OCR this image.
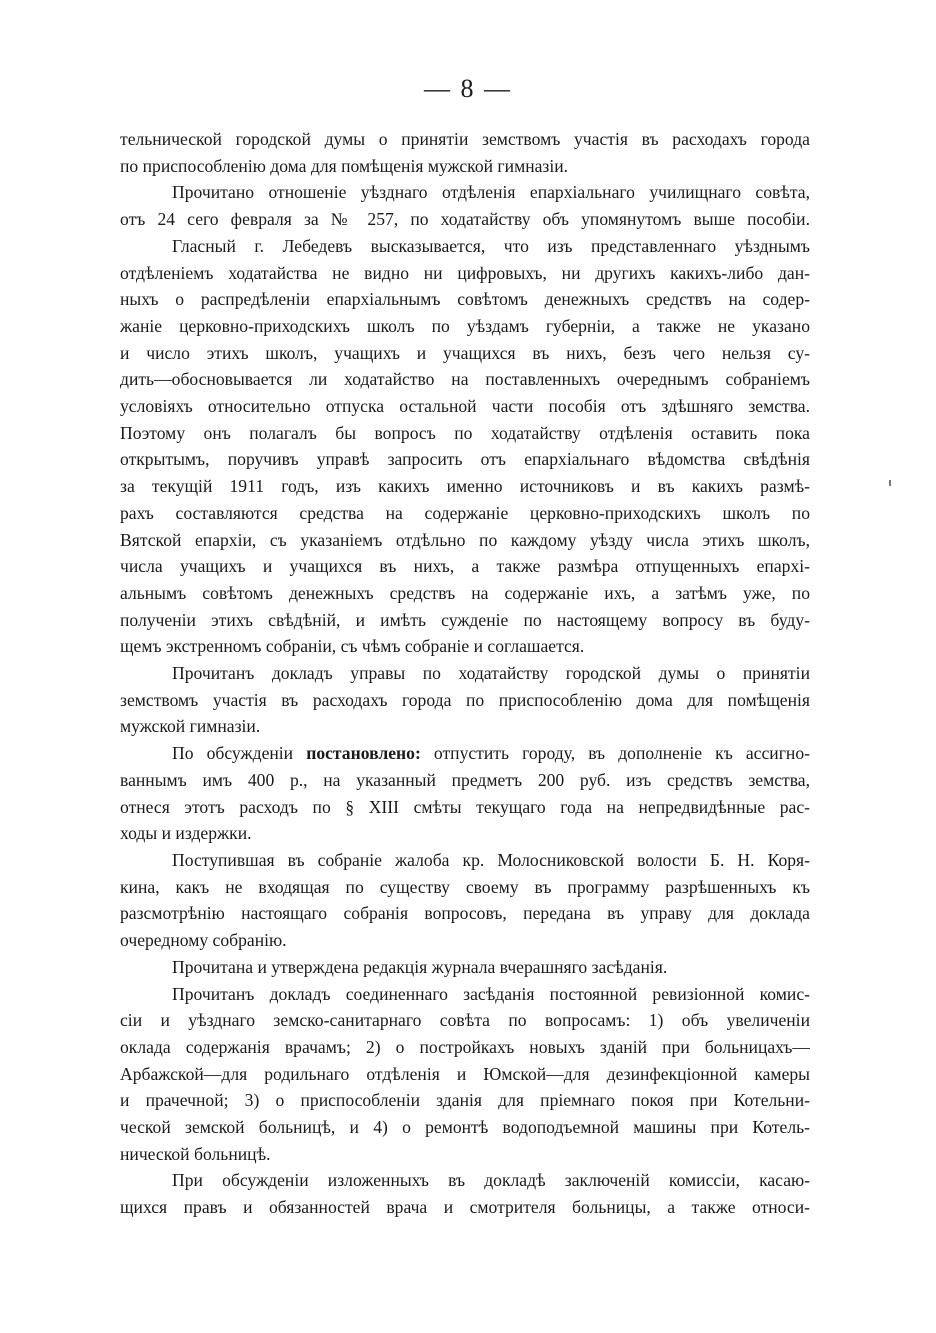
— 8 —
тельнической городской думы о принятіи земствомъ участія въ расходахъ города
по приспособленію дома для помѣщенія мужской гимназіи.
Прочитано отношеніе уѣзднаго отдѣленія епархіальнаго училищнаго совѣта,
отъ 24 сего февраля за № 257, по ходатайству объ упомянутомъ выше пособіи.
Гласный г. Лебедевъ высказывается, что изъ представленнаго уѣзднымъ
отдѣленіемъ ходатайства не видно ни цифровыхъ, ни другихъ какихъ-либо дан-
ныхъ о распредѣленіи епархіальнымъ совѣтомъ денежныхъ средствъ на содер-
жаніе церковно-приходскихъ школъ по уѣздамъ губерніи, а также не указано
и число этихъ школъ, учащихъ и учащихся въ нихъ, безъ чего нельзя су-
дить—обосновывается ли ходатайство на поставленныхъ очереднымъ собраніемъ
условіяхъ относительно отпуска остальной части пособія отъ здѣшняго земства.
Поэтому онъ полагалъ бы вопросъ по ходатайству отдѣленія оставить пока
открытымъ, поручивъ управѣ запросить отъ епархіальнаго вѣдомства свѣдѣнія
за текущій 1911 годъ, изъ какихъ именно источниковъ и въ какихъ размѣ-
рахъ составляются средства на содержаніе церковно-приходскихъ школъ по
Вятской епархіи, съ указаніемъ отдѣльно по каждому уѣзду числа этихъ школъ,
числа учащихъ и учащихся въ нихъ, а также размѣра отпущенныхъ епархі-
альнымъ совѣтомъ денежныхъ средствъ на содержаніе ихъ, а затѣмъ уже, по
полученіи этихъ свѣдѣній, и имѣть сужденіе по настоящему вопросу въ буду-
щемъ экстренномъ собраніи, съ чѣмъ собраніе и соглашается.
Прочитанъ докладъ управы по ходатайству городской думы о принятіи
земствомъ участія въ расходахъ города по приспособленію дома для помѣщенія
мужской гимназіи.
По обсужденіи постановлено: отпустить городу, въ дополненіе къ ассигно-
ваннымъ имъ 400 р., на указанный предметъ 200 руб. изъ средствъ земства,
отнеся этотъ расходъ по § XIII смѣты текущаго года на непредвидѣнные рас-
ходы и издержки.
Поступившая въ собраніе жалоба кр. Молосниковской волости Б. Н. Коря-
кина, какъ не входящая по существу своему въ программу разрѣшенныхъ къ
разсмотрѣнію настоящаго собранія вопросовъ, передана въ управу для доклада
очередному собранію.
Прочитана и утверждена редакція журнала вчерашняго засѣданія.
Прочитанъ докладъ соединеннаго засѣданія постоянной ревизіонной комис-
сіи и уѣзднаго земско-санитарнаго совѣта по вопросамъ: 1) объ увеличеніи
оклада содержанія врачамъ; 2) о постройкахъ новыхъ зданій при больницахъ—
Арбажской—для родильнаго отдѣленія и Юмской—для дезинфекціонной камеры
и прачечной; 3) о приспособленіи зданія для пріемнаго покоя при Котельни-
ческой земской больницѣ, и 4) о ремонтѣ водоподъемной машины при Котель-
нической больницѣ.
При обсужденіи изложенныхъ въ докладѣ заключеній комиссіи, касаю-
щихся правъ и обязанностей врача и смотрителя больницы, а также относи-
